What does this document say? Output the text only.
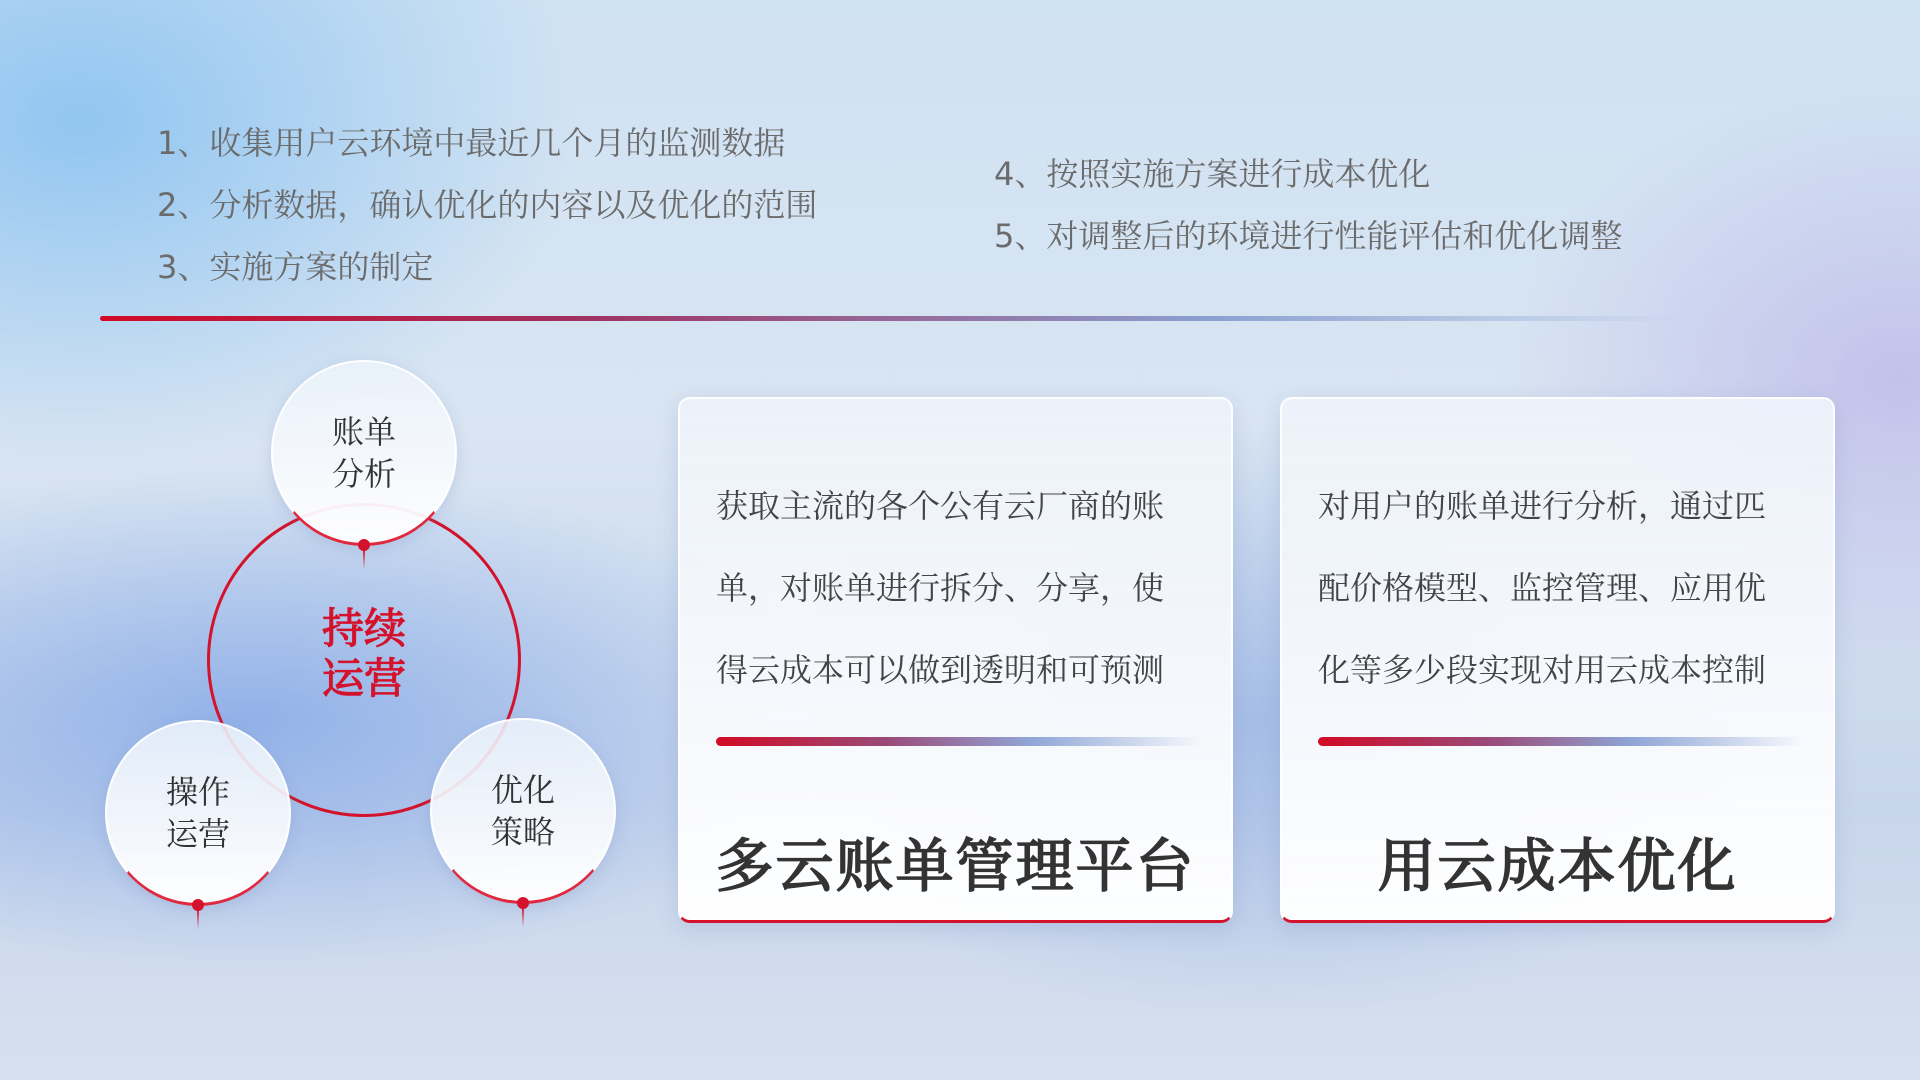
1、收集用户云环境中最近几个月的监测数据
2、分析数据，确认优化的内容以及优化的范围
3、实施方案的制定
4、按照实施方案进行成本优化
5、对调整后的环境进行性能评估和优化调整
持续
运营
账单
分析
操作
运营
优化
策略
获取主流的各个公有云厂商的账
单，对账单进行拆分、分享，使
得云成本可以做到透明和可预测
多云账单管理平台
对用户的账单进行分析，通过匹
配价格模型、监控管理、应用优
化等多少段实现对用云成本控制
用云成本优化
